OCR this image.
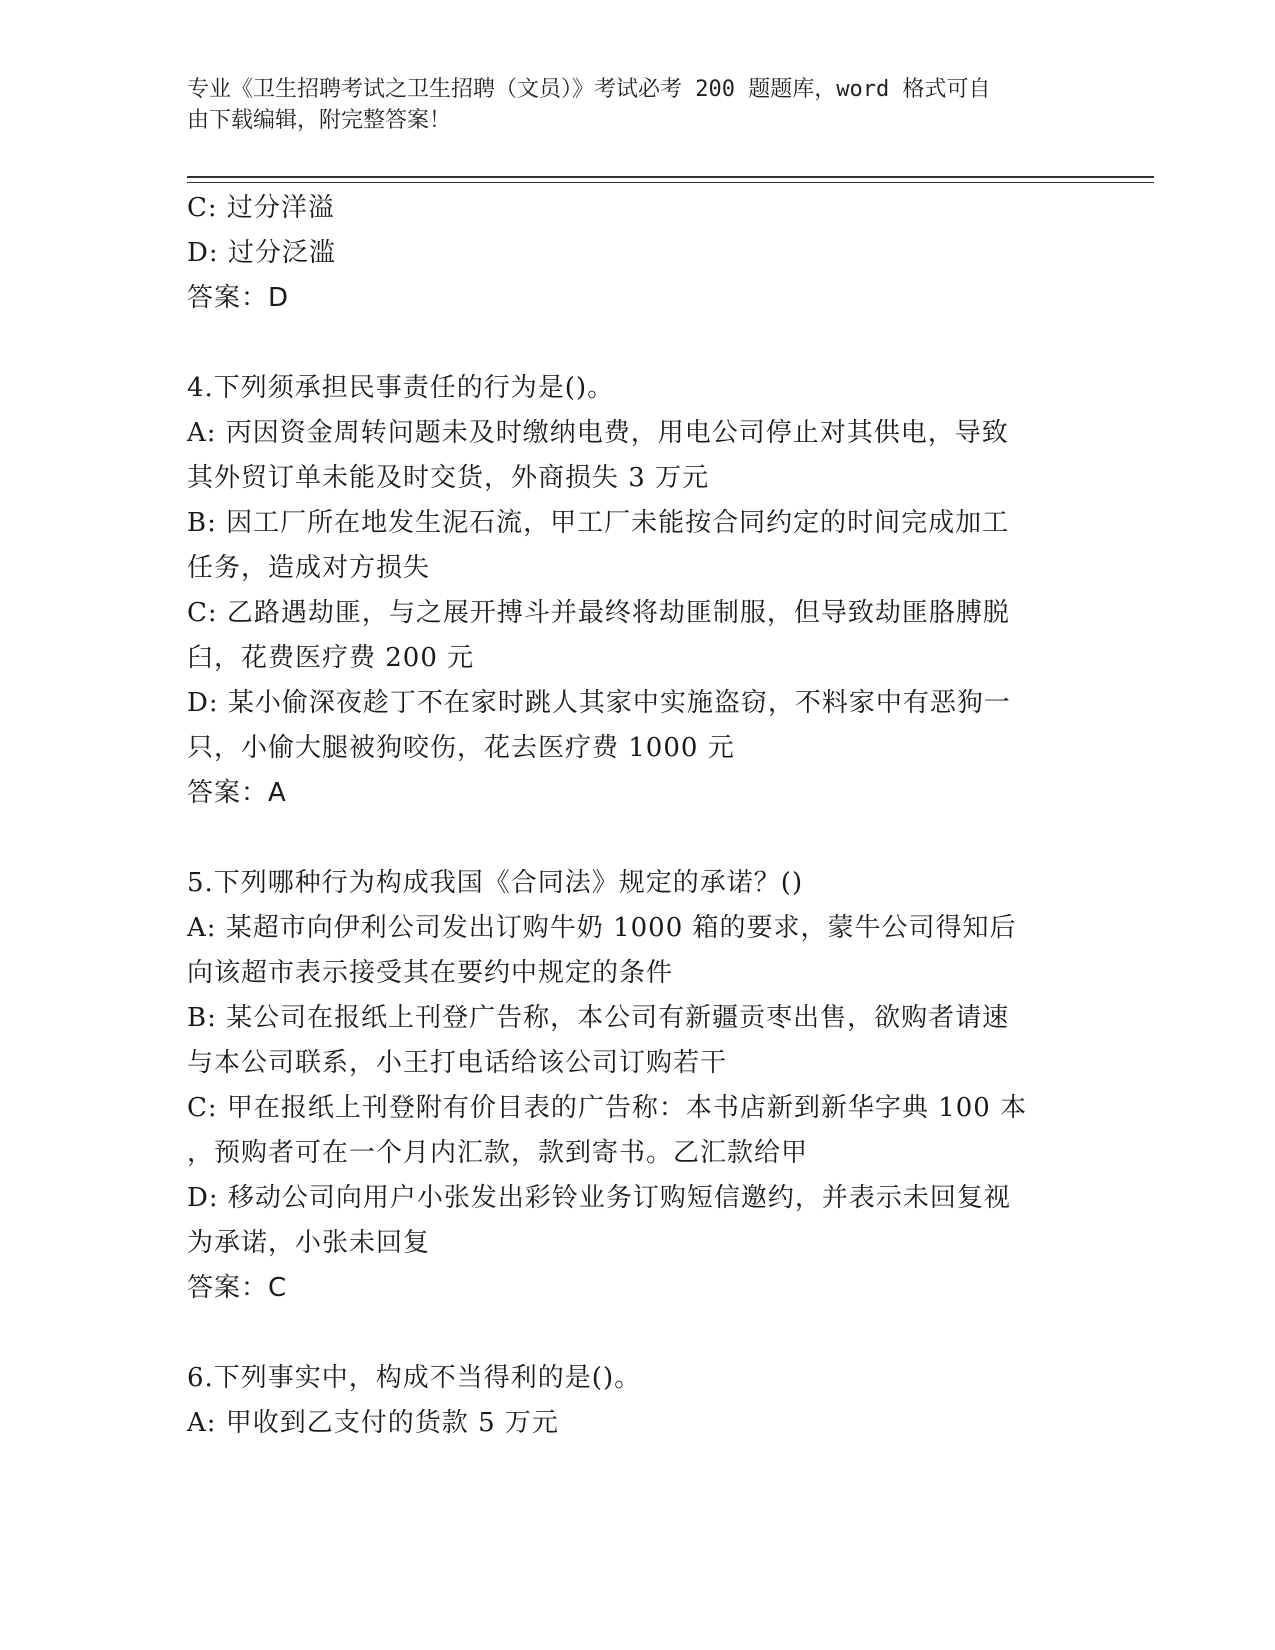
专业《卫生招聘考试之卫生招聘（文员）》考试必考 200 题题库，word 格式可自
由下载编辑，附完整答案！

C: 过分洋溢

D: 过分泛滥

答案：D

4.下列须承担民事责任的行为是()。

A: 丙因资金周转问题未及时缴纳电费，用电公司停止对其供电，导致

其外贸订单未能及时交货，外商损失 3 万元

B: 因工厂所在地发生泥石流，甲工厂未能按合同约定的时间完成加工

任务，造成对方损失

C: 乙路遇劫匪，与之展开搏斗并最终将劫匪制服，但导致劫匪胳膊脱

臼，花费医疗费 200 元

D: 某小偷深夜趁丁不在家时跳人其家中实施盗窃，不料家中有恶狗一

只，小偷大腿被狗咬伤，花去医疗费 1000 元

答案：A

5.下列哪种行为构成我国《合同法》规定的承诺？()

A: 某超市向伊利公司发出订购牛奶 1000 箱的要求，蒙牛公司得知后

向该超市表示接受其在要约中规定的条件

B: 某公司在报纸上刊登广告称，本公司有新疆贡枣出售，欲购者请速

与本公司联系，小王打电话给该公司订购若干

C: 甲在报纸上刊登附有价目表的广告称：本书店新到新华字典 100 本

，预购者可在一个月内汇款，款到寄书。乙汇款给甲

D: 移动公司向用户小张发出彩铃业务订购短信邀约，并表示未回复视

为承诺，小张未回复

答案：C

6.下列事实中，构成不当得利的是()。

A: 甲收到乙支付的货款 5 万元
